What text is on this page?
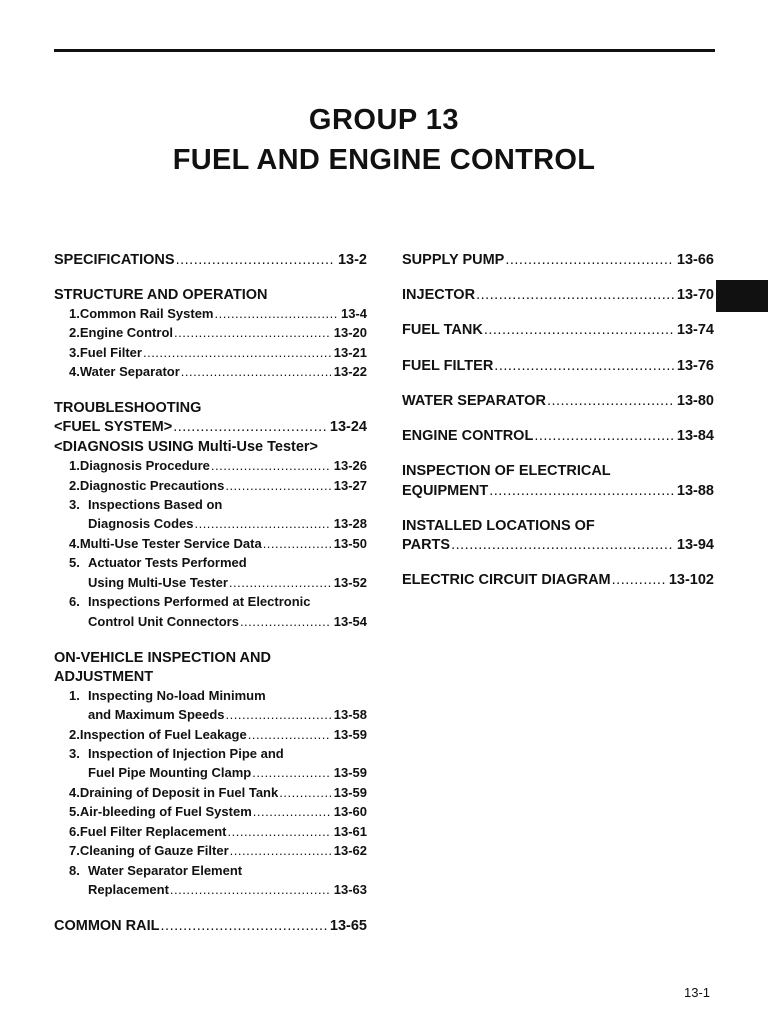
GROUP 13
FUEL AND ENGINE CONTROL
SPECIFICATIONS .....	13-2
STRUCTURE AND OPERATION
1. Common Rail System .....	13-4
2. Engine Control .....	13-20
3. Fuel Filter .....	13-21
4. Water Separator .....	13-22
TROUBLESHOOTING
<FUEL SYSTEM> .....	13-24
<DIAGNOSIS USING Multi-Use Tester>
1. Diagnosis Procedure .....	13-26
2. Diagnostic Precautions .....	13-27
3. Inspections Based on
Diagnosis Codes .....	13-28
4. Multi-Use Tester Service Data .....	13-50
5. Actuator Tests Performed
Using Multi-Use Tester .....	13-52
6. Inspections Performed at Electronic
Control Unit Connectors .....	13-54
ON-VEHICLE INSPECTION AND
ADJUSTMENT
1. Inspecting No-load Minimum
and Maximum Speeds .....	13-58
2. Inspection of Fuel Leakage .....	13-59
3. Inspection of Injection Pipe and
Fuel Pipe Mounting Clamp .....	13-59
4. Draining of Deposit in Fuel Tank .....	13-59
5. Air-bleeding of Fuel System .....	13-60
6. Fuel Filter Replacement .....	13-61
7. Cleaning of Gauze Filter .....	13-62
8. Water Separator Element
Replacement .....	13-63
COMMON RAIL .....	13-65
SUPPLY PUMP .....	13-66
INJECTOR .....	13-70
FUEL TANK .....	13-74
FUEL FILTER .....	13-76
WATER SEPARATOR .....	13-80
ENGINE CONTROL .....	13-84
INSPECTION OF ELECTRICAL
EQUIPMENT .....	13-88
INSTALLED LOCATIONS OF
PARTS .....	13-94
ELECTRIC CIRCUIT DIAGRAM .....	13-102
13-1
